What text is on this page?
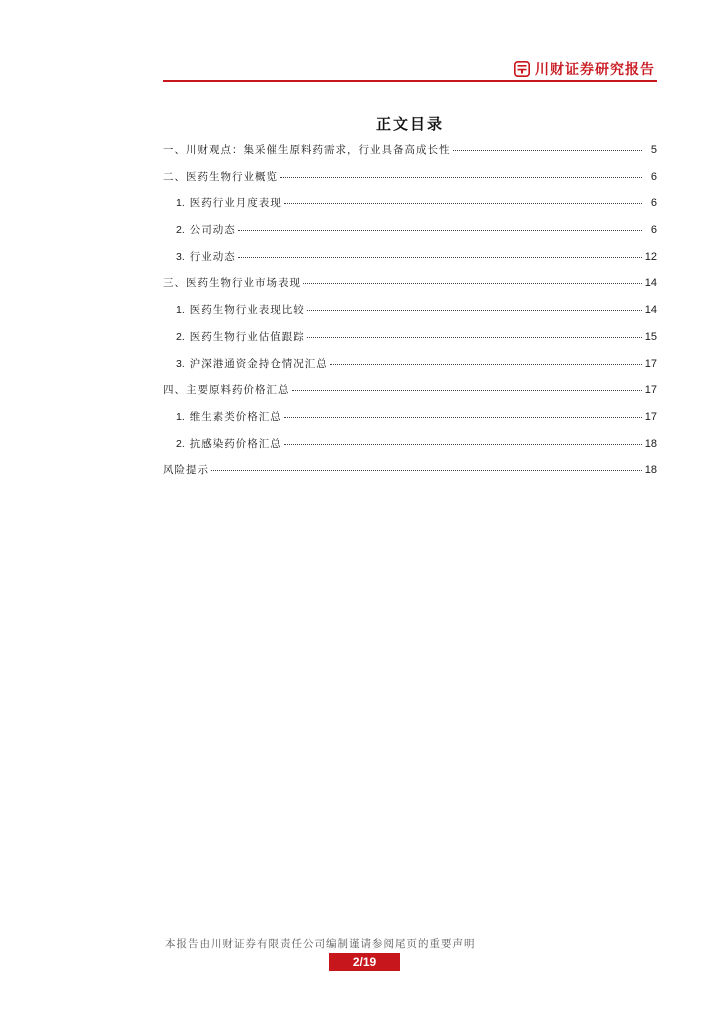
川财证券研究报告
正文目录
一、川财观点：集采催生原料药需求，行业具备高成长性	5
二、医药生物行业概览	6
1. 医药行业月度表现	6
2. 公司动态	6
3. 行业动态	12
三、医药生物行业市场表现	14
1. 医药生物行业表现比较	14
2. 医药生物行业估值跟踪	15
3. 沪深港通资金持仓情况汇总	17
四、主要原料药价格汇总	17
1. 维生素类价格汇总	17
2. 抗感染药价格汇总	18
风险提示	18
本报告由川财证券有限责任公司编制谨请参阅尾页的重要声明
2/19
